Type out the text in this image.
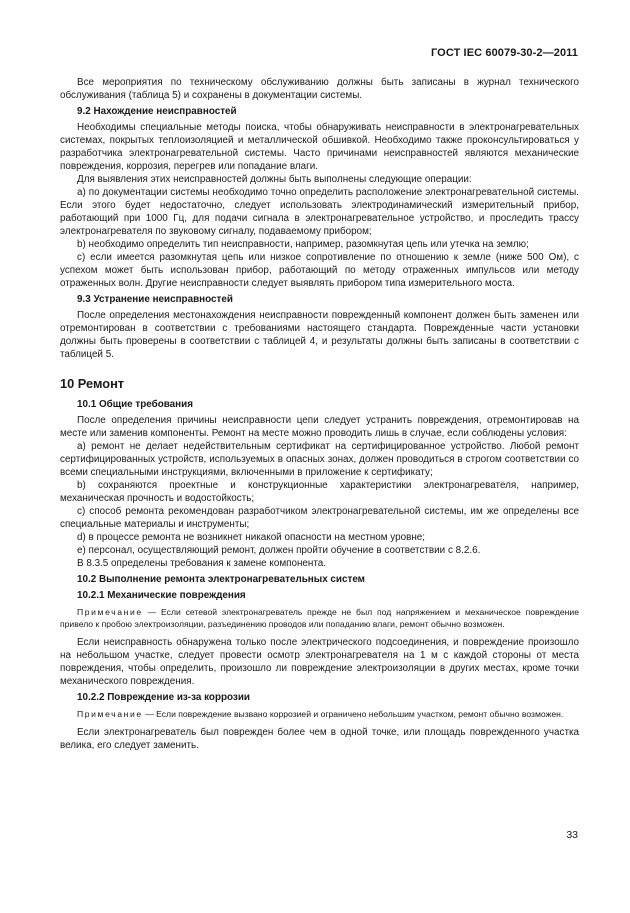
ГОСТ IEC 60079-30-2—2011

Все мероприятия по техническому обслуживанию должны быть записаны в журнал технического обслуживания (таблица 5) и сохранены в документации системы.

9.2 Нахождение неисправностей

Необходимы специальные методы поиска, чтобы обнаруживать неисправности в электронагревательных системах, покрытых теплоизоляцией и металлической обшивкой. Необходимо также проконсультироваться у разработчика электронагревательной системы. Часто причинами неисправностей являются механические повреждения, коррозия, перегрев или попадание влаги.

Для выявления этих неисправностей должны быть выполнены следующие операции:

а) по документации системы необходимо точно определить расположение электронагревательной системы. Если этого будет недостаточно, следует использовать электродинамический измерительный прибор, работающий при 1000 Гц, для подачи сигнала в электронагревательное устройство, и проследить трассу электронагревателя по звуковому сигналу, подаваемому прибором;

b) необходимо определить тип неисправности, например, разомкнутая цепь или утечка на землю;

c) если имеется разомкнутая цепь или низкое сопротивление по отношению к земле (ниже 500 Ом), с успехом может быть использован прибор, работающий по методу отраженных импульсов или методу отраженных волн. Другие неисправности следует выявлять прибором типа измерительного моста.

9.3 Устранение неисправностей

После определения местонахождения неисправности поврежденный компонент должен быть заменен или отремонтирован в соответствии с требованиями настоящего стандарта. Поврежденные части установки должны быть проверены в соответствии с таблицей 4, и результаты должны быть записаны в соответствии с таблицей 5.

10 Ремонт
10.1 Общие требования

После определения причины неисправности цепи следует устранить повреждения, отремонтировав на месте или заменив компоненты. Ремонт на месте можно проводить лишь в случае, если соблюдены условия:

а) ремонт не делает недействительным сертификат на сертифицированное устройство. Любой ремонт сертифицированных устройств, используемых в опасных зонах, должен проводиться в строгом соответствии со всеми специальными инструкциями, включенными в приложение к сертификату;

b) сохраняются проектные и конструкционные характеристики электронагревателя, например, механическая прочность и водостойкость;

c) способ ремонта рекомендован разработчиком электронагревательной системы, им же определены все специальные материалы и инструменты;

d) в процессе ремонта не возникнет никакой опасности на местном уровне;

e) персонал, осуществляющий ремонт, должен пройти обучение в соответствии с 8.2.6.

В 8.3.5 определены требования к замене компонента.

10.2 Выполнение ремонта электронагревательных систем
10.2.1 Механические повреждения

Примечание — Если сетевой электронагреватель прежде не был под напряжением и механическое повреждение привело к пробою электроизоляции, разъединению проводов или попаданию влаги, ремонт обычно возможен.

Если неисправность обнаружена только после электрического подсоединения, и повреждение произошло на небольшом участке, следует провести осмотр электронагревателя на 1 м с каждой стороны от места повреждения, чтобы определить, произошло ли повреждение электроизоляции в других местах, кроме точки механического повреждения.

10.2.2 Повреждение из-за коррозии

Примечание — Если повреждение вызвано коррозией и ограничено небольшим участком, ремонт обычно возможен.

Если электронагреватель был поврежден более чем в одной точке, или площадь поврежденного участка велика, его следует заменить.

33
